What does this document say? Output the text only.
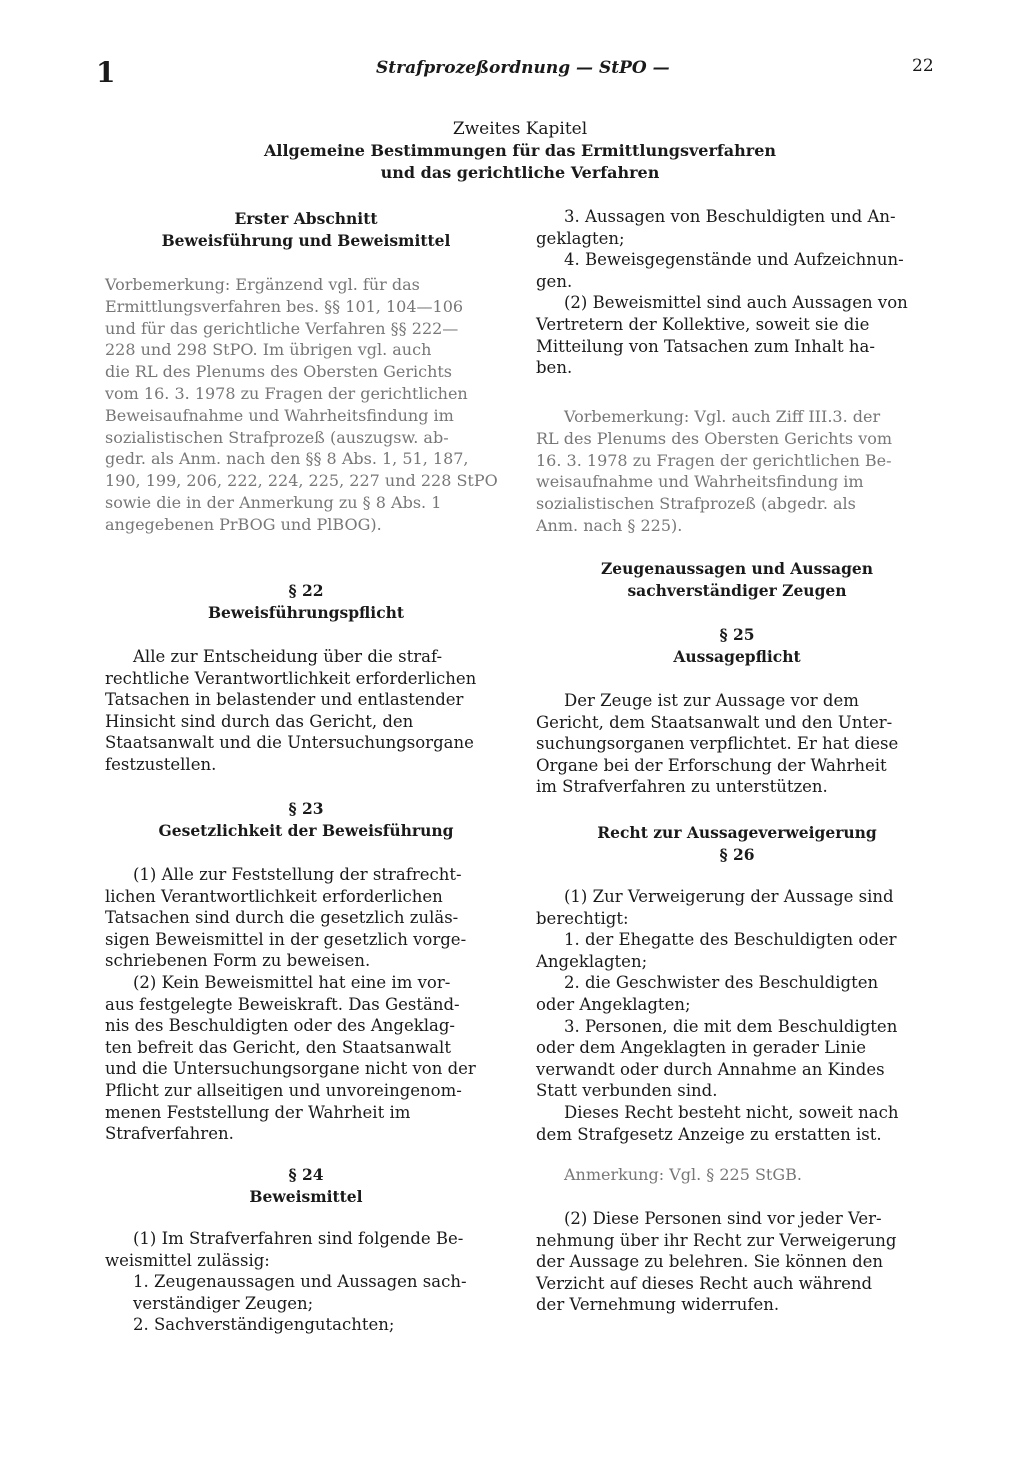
1	Strafprozeßordnung — StPO —	22
Zweites Kapitel
Allgemeine Bestimmungen für das Ermittlungsverfahren
und das gerichtliche Verfahren
Erster Abschnitt
Beweisführung und Beweismittel
Vorbemerkung: Ergänzend vgl. für das
Ermittlungsverfahren bes. §§ 101, 104—106
und für das gerichtliche Verfahren §§ 222—
228 und 298 StPO. Im übrigen vgl. auch
die RL des Plenums des Obersten Gerichts
vom 16. 3. 1978 zu Fragen der gerichtlichen
Beweisaufnahme und Wahrheitsfindung im
sozialistischen Strafprozeß (auszugsw. ab-
gedr. als Anm. nach den §§ 8 Abs. 1, 51, 187,
190, 199, 206, 222, 224, 225, 227 und 228 StPO
sowie die in der Anmerkung zu § 8 Abs. 1
angegebenen PrBOG und PlBOG).
§ 22
Beweisführungspflicht
Alle zur Entscheidung über die straf-
rechtliche Verantwortlichkeit erforderlichen
Tatsachen in belastender und entlastender
Hinsicht sind durch das Gericht, den
Staatsanwalt und die Untersuchungsorgane
festzustellen.
§ 23
Gesetzlichkeit der Beweisführung
(1) Alle zur Feststellung der strafrecht-
lichen Verantwortlichkeit erforderlichen
Tatsachen sind durch die gesetzlich zuläs-
sigen Beweismittel in der gesetzlich vorge-
schriebenen Form zu beweisen.
(2) Kein Beweismittel hat eine im vor-
aus festgelegte Beweiskraft. Das Geständ-
nis des Beschuldigten oder des Angeklag-
ten befreit das Gericht, den Staatsanwalt
und die Untersuchungsorgane nicht von der
Pflicht zur allseitigen und unvoreingenom-
menen Feststellung der Wahrheit im
Strafverfahren.
§ 24
Beweismittel
(1) Im Strafverfahren sind folgende Be-
weismittel zulässig:
1. Zeugenaussagen und Aussagen sach-
verständiger Zeugen;
2. Sachverständigengutachten;
3. Aussagen von Beschuldigten und An-
geklagten;
4. Beweisgegenstände und Aufzeichnun-
gen.
(2) Beweismittel sind auch Aussagen von
Vertretern der Kollektive, soweit sie die
Mitteilung von Tatsachen zum Inhalt ha-
ben.
Vorbemerkung: Vgl. auch Ziff III.3. der
RL des Plenums des Obersten Gerichts vom
16. 3. 1978 zu Fragen der gerichtlichen Be-
weisaufnahme und Wahrheitsfindung im
sozialistischen Strafprozeß (abgedr. als
Anm. nach § 225).
Zeugenaussagen und Aussagen
sachverständiger Zeugen
§ 25
Aussagepflicht
Der Zeuge ist zur Aussage vor dem
Gericht, dem Staatsanwalt und den Unter-
suchungsorganen verpflichtet. Er hat diese
Organe bei der Erforschung der Wahrheit
im Strafverfahren zu unterstützen.
Recht zur Aussageverweigerung
§ 26
(1) Zur Verweigerung der Aussage sind
berechtigt:
1. der Ehegatte des Beschuldigten oder
Angeklagten;
2. die Geschwister des Beschuldigten
oder Angeklagten;
3. Personen, die mit dem Beschuldigten
oder dem Angeklagten in gerader Linie
verwandt oder durch Annahme an Kindes
Statt verbunden sind.
Dieses Recht besteht nicht, soweit nach
dem Strafgesetz Anzeige zu erstatten ist.
Anmerkung: Vgl. § 225 StGB.
(2) Diese Personen sind vor jeder Ver-
nehmung über ihr Recht zur Verweigerung
der Aussage zu belehren. Sie können den
Verzicht auf dieses Recht auch während
der Vernehmung widerrufen.
